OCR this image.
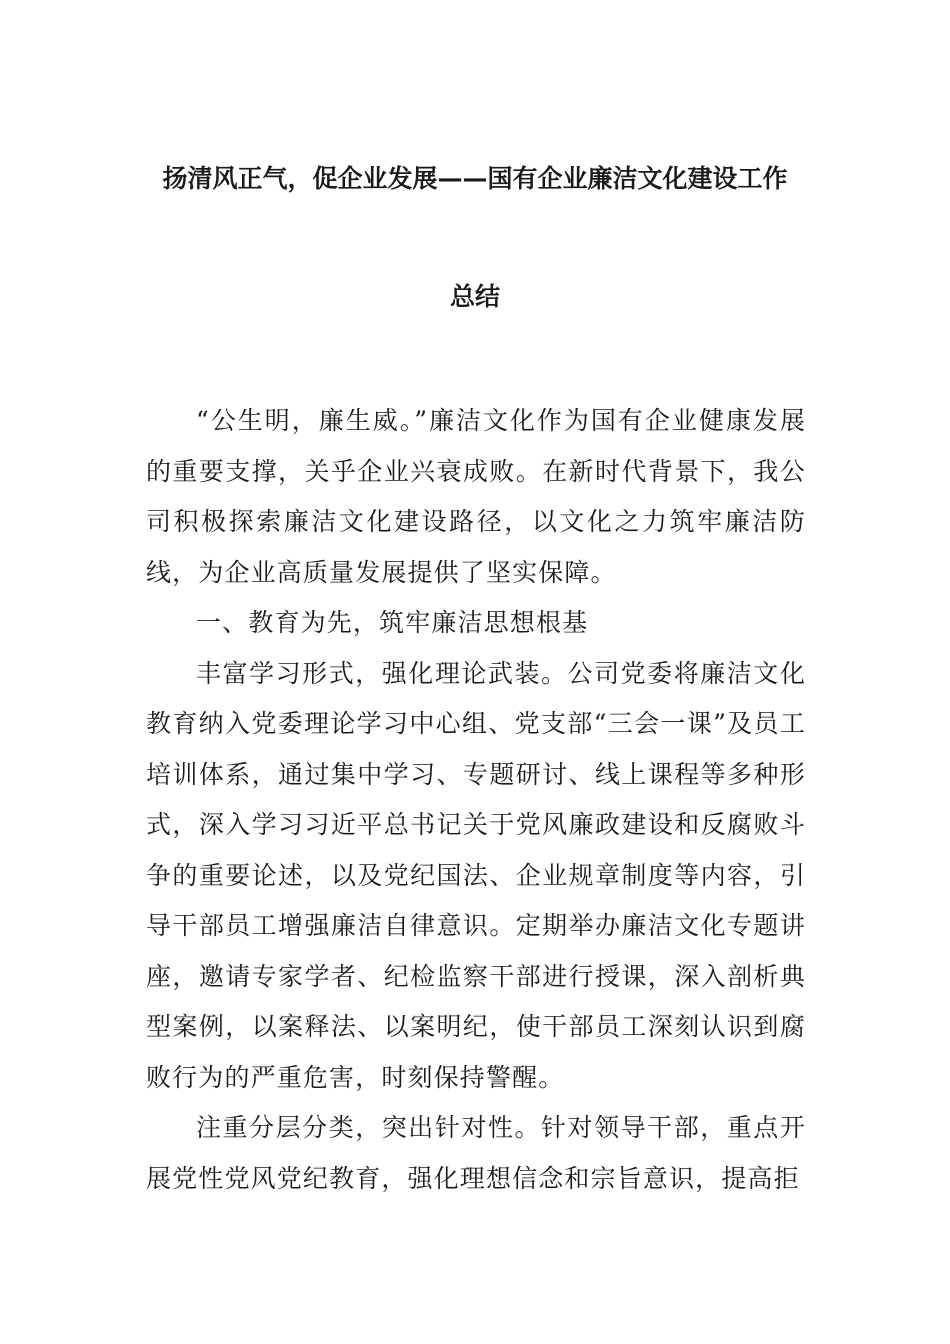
扬清风正气，促企业发展——国有企业廉洁文化建设工作
总结

“公生明，廉生威。”廉洁文化作为国有企业健康发展的重要支撑，关乎企业兴衰成败。在新时代背景下，我公司积极探索廉洁文化建设路径，以文化之力筑牢廉洁防线，为企业高质量发展提供了坚实保障。

一、教育为先，筑牢廉洁思想根基

丰富学习形式，强化理论武装。公司党委将廉洁文化教育纳入党委理论学习中心组、党支部“三会一课”及员工培训体系，通过集中学习、专题研讨、线上课程等多种形式，深入学习习近平总书记关于党风廉政建设和反腐败斗争的重要论述，以及党纪国法、企业规章制度等内容，引导干部员工增强廉洁自律意识。定期举办廉洁文化专题讲座，邀请专家学者、纪检监察干部进行授课，深入剖析典型案例，以案释法、以案明纪，使干部员工深刻认识到腐败行为的严重危害，时刻保持警醒。

注重分层分类，突出针对性。针对领导干部，重点开展党性党风党纪教育，强化理想信念和宗旨意识，提高拒
